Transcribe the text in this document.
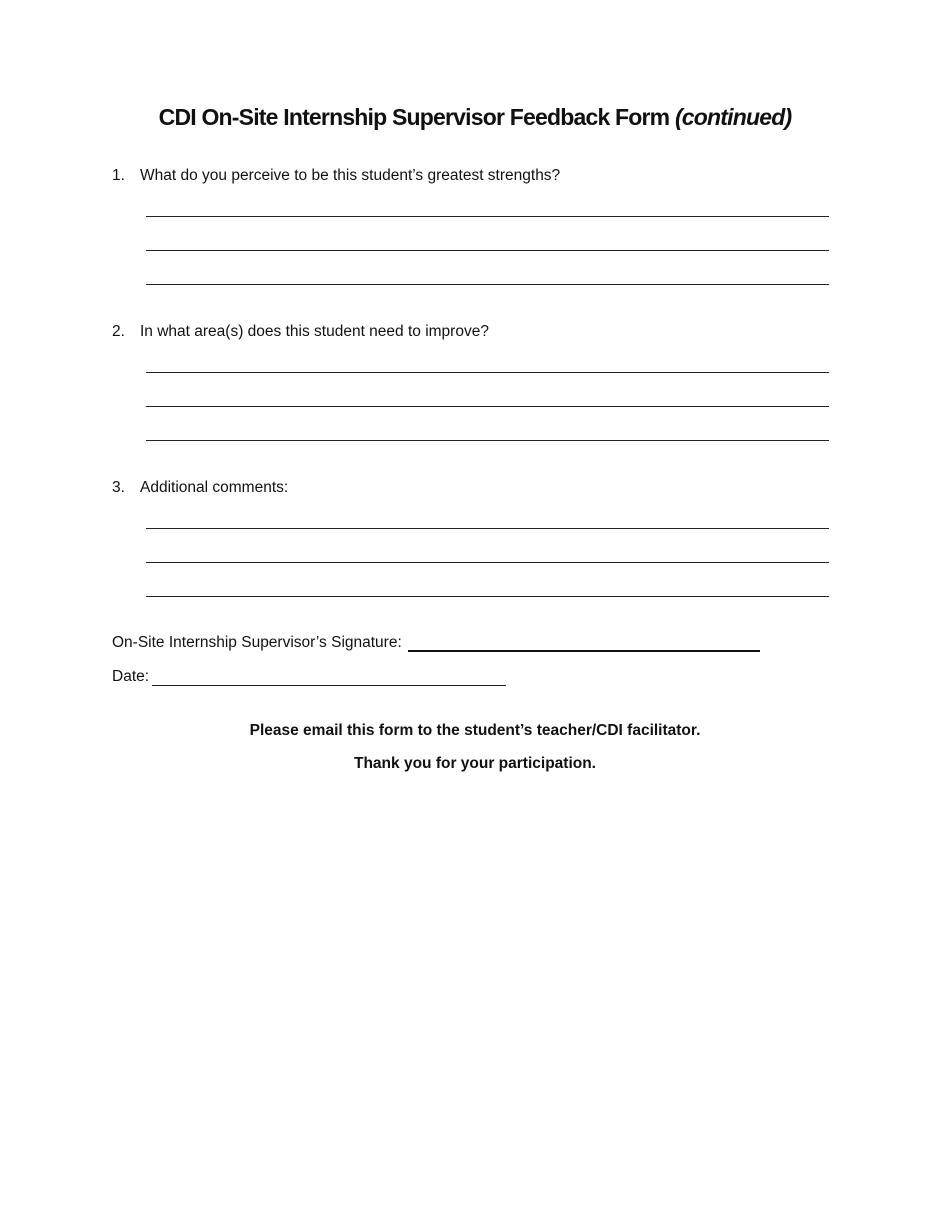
CDI On-Site Internship Supervisor Feedback Form (continued)
1. What do you perceive to be this student’s greatest strengths?
2. In what area(s) does this student need to improve?
3. Additional comments:
On-Site Internship Supervisor’s Signature:
Date:
Please email this form to the student’s teacher/CDI facilitator.
Thank you for your participation.
